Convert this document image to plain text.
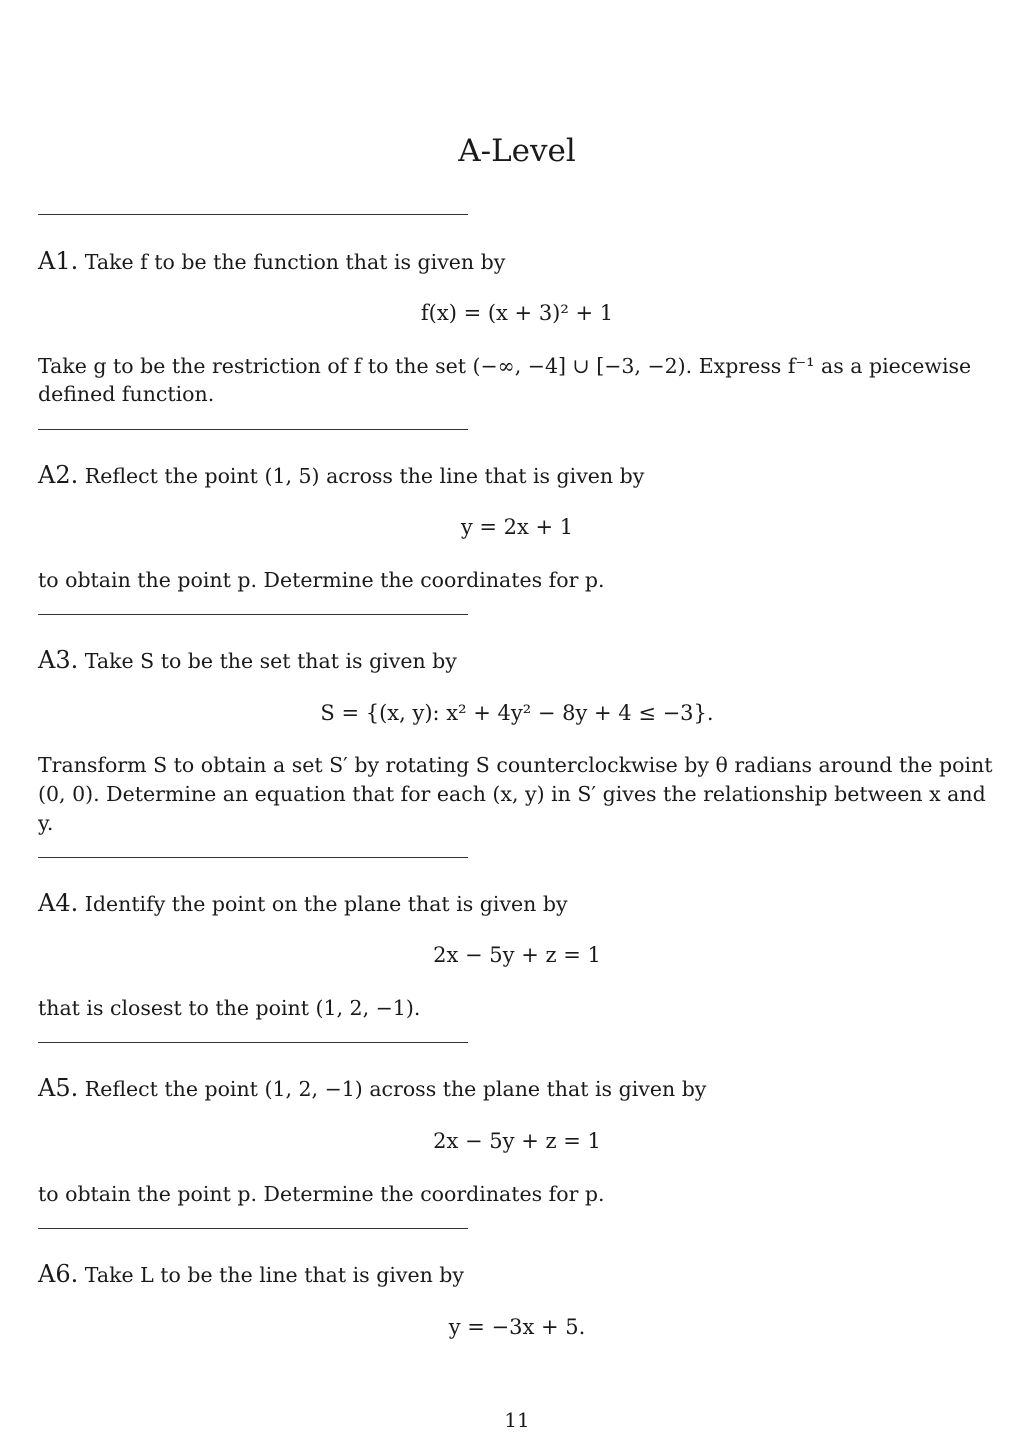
A-Level
A1. Take f to be the function that is given by
f(x) = (x + 3)² + 1
Take g to be the restriction of f to the set (−∞, −4] ∪ [−3, −2). Express f⁻¹ as a piecewise
defined function.
A2. Reflect the point (1, 5) across the line that is given by
y = 2x + 1
to obtain the point p. Determine the coordinates for p.
A3. Take S to be the set that is given by
S = {(x, y): x² + 4y² − 8y + 4 ≤ −3}.
Transform S to obtain a set S′ by rotating S counterclockwise by θ radians around the point
(0, 0). Determine an equation that for each (x, y) in S′ gives the relationship between x and
y.
A4. Identify the point on the plane that is given by
2x − 5y + z = 1
that is closest to the point (1, 2, −1).
A5. Reflect the point (1, 2, −1) across the plane that is given by
2x − 5y + z = 1
to obtain the point p. Determine the coordinates for p.
A6. Take L to be the line that is given by
y = −3x + 5.
11
